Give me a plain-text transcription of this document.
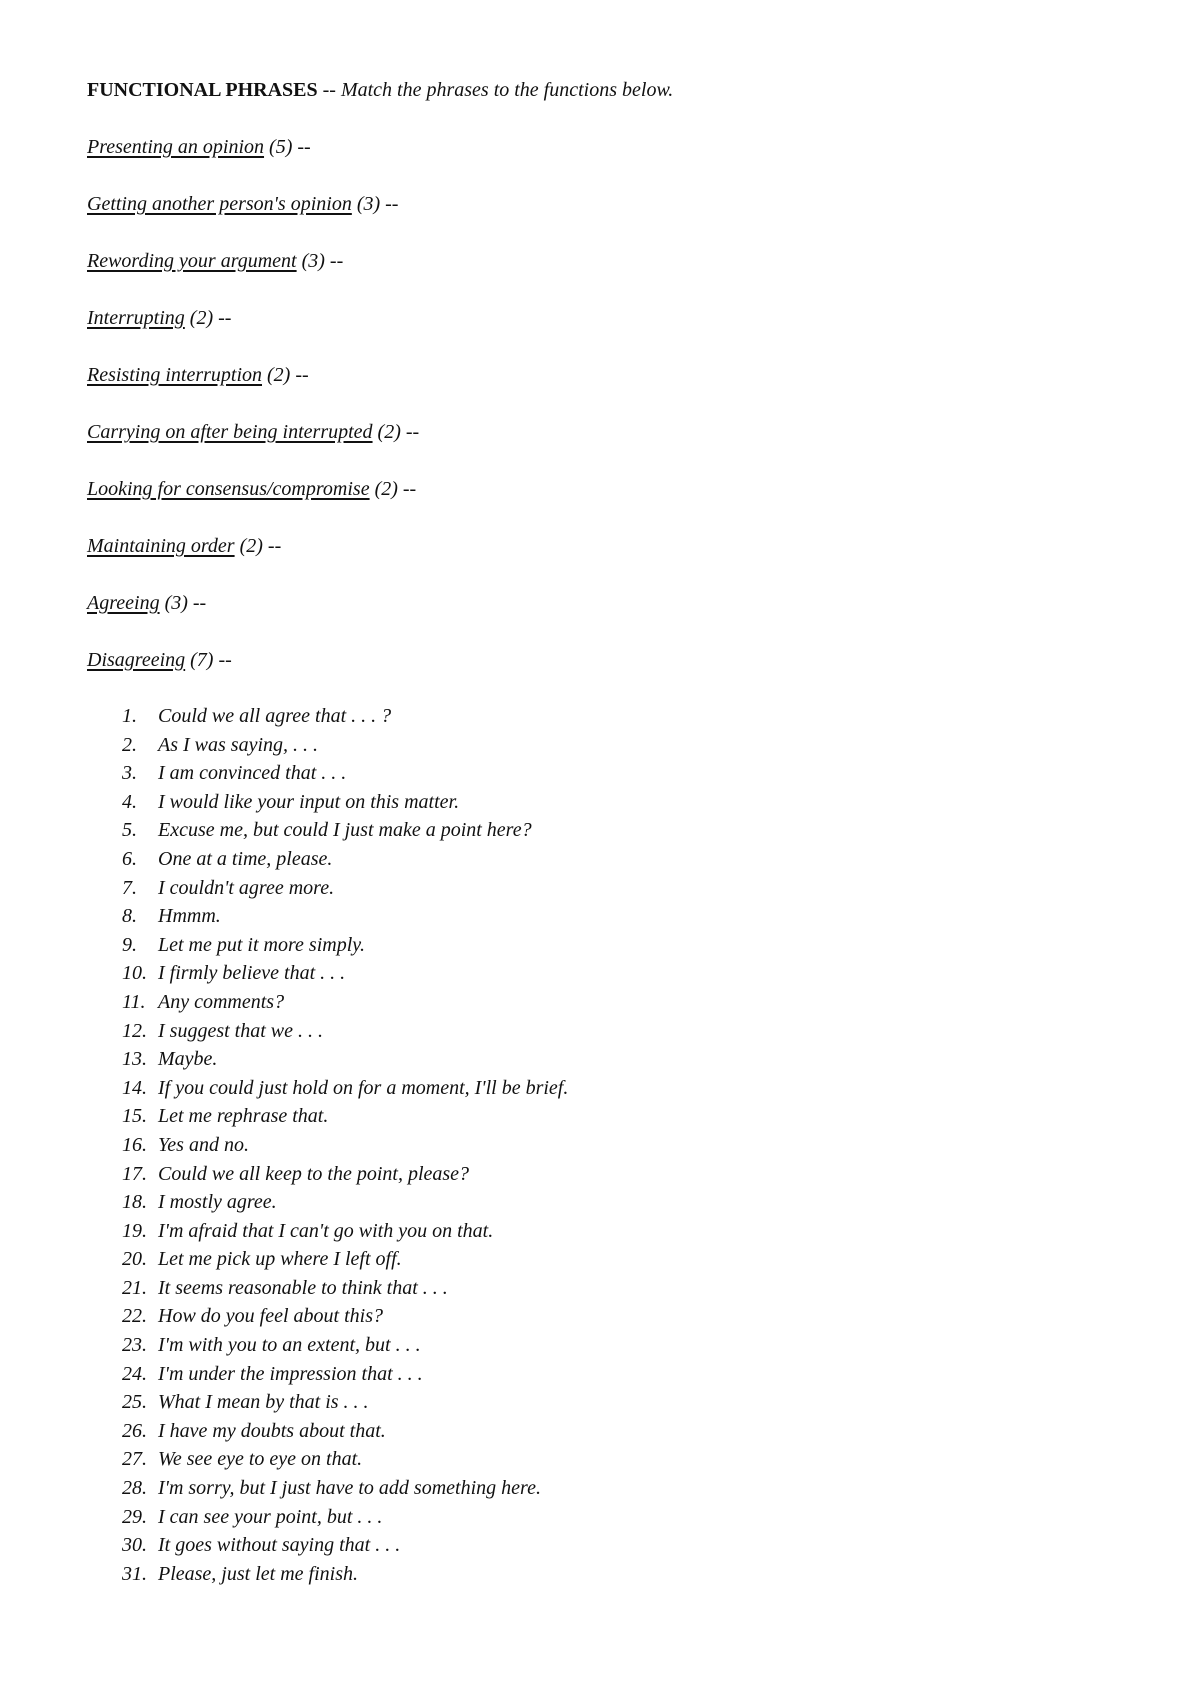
FUNCTIONAL PHRASES -- Match the phrases to the functions below.
Presenting an opinion (5) --
Getting another person's opinion (3) --
Rewording your argument (3) --
Interrupting (2) --
Resisting interruption (2) --
Carrying on after being interrupted (2) --
Looking for consensus/compromise (2) --
Maintaining order (2) --
Agreeing (3) --
Disagreeing (7) --
1. Could we all agree that . . . ?
2. As I was saying, . . .
3. I am convinced that . . .
4. I would like your input on this matter.
5. Excuse me, but could I just make a point here?
6. One at a time, please.
7. I couldn't agree more.
8. Hmmm.
9. Let me put it more simply.
10. I firmly believe that . . .
11. Any comments?
12. I suggest that we . . .
13. Maybe.
14. If you could just hold on for a moment, I'll be brief.
15. Let me rephrase that.
16. Yes and no.
17. Could we all keep to the point, please?
18. I mostly agree.
19. I'm afraid that I can't go with you on that.
20. Let me pick up where I left off.
21. It seems reasonable to think that . . .
22. How do you feel about this?
23. I'm with you to an extent, but . . .
24. I'm under the impression that . . .
25. What I mean by that is . . .
26. I have my doubts about that.
27. We see eye to eye on that.
28. I'm sorry, but I just have to add something here.
29. I can see your point, but . . .
30. It goes without saying that . . .
31. Please, just let me finish.
